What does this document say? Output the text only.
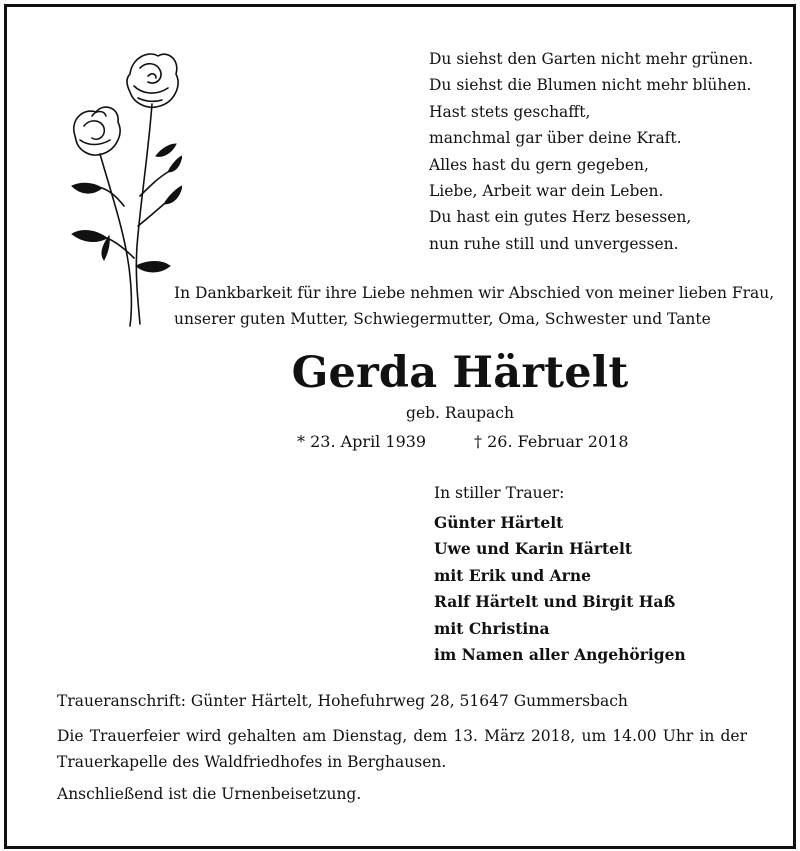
Du siehst den Garten nicht mehr grünen.
Du siehst die Blumen nicht mehr blühen.
Hast stets geschafft,
manchmal gar über deine Kraft.
Alles hast du gern gegeben,
Liebe, Arbeit war dein Leben.
Du hast ein gutes Herz besessen,
nun ruhe still und unvergessen.
In Dankbarkeit für ihre Liebe nehmen wir Abschied von meiner lieben Frau,
unserer guten Mutter, Schwiegermutter, Oma, Schwester und Tante
Gerda Härtelt
geb. Raupach
* 23. April 1939	† 26. Februar 2018
In stiller Trauer:
Günter Härtelt
Uwe und Karin Härtelt
mit Erik und Arne
Ralf Härtelt und Birgit Haß
mit Christina
im Namen aller Angehörigen
Traueranschrift: Günter Härtelt, Hohefuhrweg 28, 51647 Gummersbach
Die Trauerfeier wird gehalten am Dienstag, dem 13. März 2018, um 14.00 Uhr in der
Trauerkapelle des Waldfriedhofes in Berghausen.
Anschließend ist die Urnenbeisetzung.
